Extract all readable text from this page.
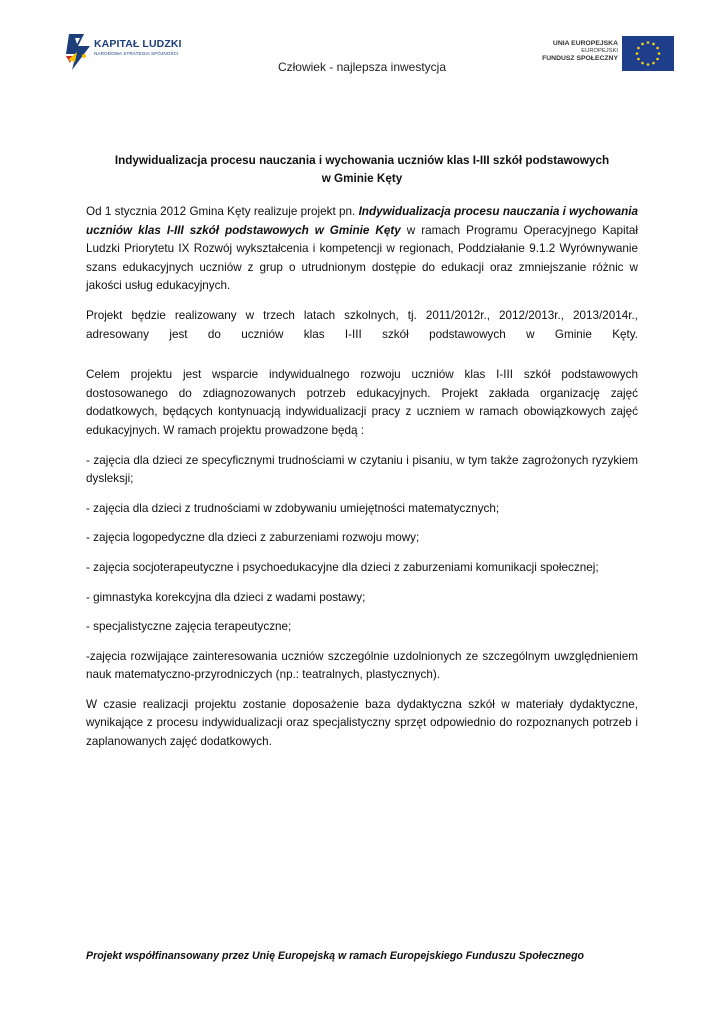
KAPITAŁ LUDZKI
NARODOWA STRATEGIA SPÓJNOŚCI
Człowiek - najlepsza inwestycja
UNIA EUROPEJSKA
EUROPEJSKI
FUNDUSZ SPOŁECZNY
Indywidualizacja procesu nauczania i wychowania uczniów klas I-III szkół podstawowych
w Gminie Kęty

Od 1 stycznia 2012 Gmina Kęty realizuje projekt pn. Indywidualizacja procesu nauczania i wychowania uczniów klas I-III szkół podstawowych w Gminie Kęty w ramach Programu Operacyjnego Kapitał Ludzki Priorytetu IX Rozwój wykształcenia i kompetencji w regionach, Poddziałanie 9.1.2 Wyrównywanie szans edukacyjnych uczniów z grup o utrudnionym dostępie do edukacji oraz zmniejszanie różnic w jakości usług edukacyjnych.

Projekt będzie realizowany w trzech latach szkolnych, tj. 2011/2012r., 2012/2013r., 2013/2014r., adresowany jest do uczniów klas I-III szkół podstawowych w Gminie Kęty.

Celem projektu jest wsparcie indywidualnego rozwoju uczniów klas I-III szkół podstawowych dostosowanego do zdiagnozowanych potrzeb edukacyjnych. Projekt zakłada organizację zajęć dodatkowych, będących kontynuacją indywidualizacji pracy z uczniem w ramach obowiązkowych zajęć edukacyjnych. W ramach projektu prowadzone będą :

- zajęcia dla dzieci ze specyficznymi trudnościami w czytaniu i pisaniu, w tym także zagrożonych ryzykiem dysleksji;

- zajęcia dla dzieci z trudnościami w zdobywaniu umiejętności matematycznych;

- zajęcia logopedyczne dla dzieci z zaburzeniami rozwoju mowy;

- zajęcia socjoterapeutyczne i psychoedukacyjne dla dzieci z zaburzeniami komunikacji społecznej;

- gimnastyka korekcyjna dla dzieci z wadami postawy;

- specjalistyczne zajęcia terapeutyczne;

-zajęcia rozwijające zainteresowania uczniów szczególnie uzdolnionych ze szczególnym uwzględnieniem nauk matematyczno-przyrodniczych (np.: teatralnych, plastycznych).

W czasie realizacji projektu zostanie doposażenie baza dydaktyczna szkół w materiały dydaktyczne, wynikające z procesu indywidualizacji oraz specjalistyczny sprzęt odpowiednio do rozpoznanych potrzeb i zaplanowanych zajęć dodatkowych.

Projekt współfinansowany przez Unię Europejską w ramach Europejskiego Funduszu Społecznego
